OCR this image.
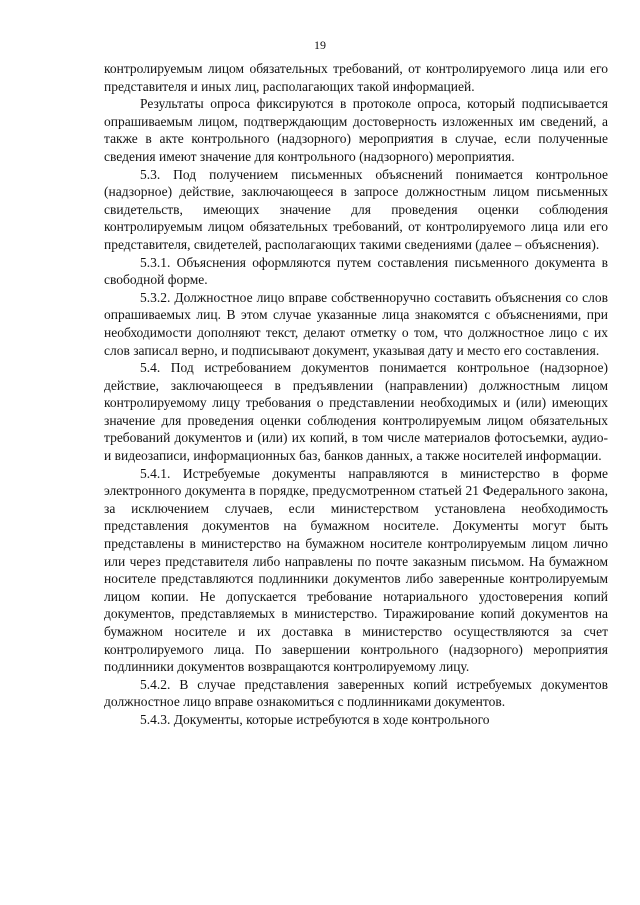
19

контролируемым лицом обязательных требований, от контролируемого лица или его представителя и иных лиц, располагающих такой информацией.

Результаты опроса фиксируются в протоколе опроса, который подписывается опрашиваемым лицом, подтверждающим достоверность изложенных им сведений, а также в акте контрольного (надзорного) мероприятия в случае, если полученные сведения имеют значение для контрольного (надзорного) мероприятия.

5.3. Под получением письменных объяснений понимается контрольное (надзорное) действие, заключающееся в запросе должностным лицом письменных свидетельств, имеющих значение для проведения оценки соблюдения контролируемым лицом обязательных требований, от контролируемого лица или его представителя, свидетелей, располагающих такими сведениями (далее – объяснения).

5.3.1. Объяснения оформляются путем составления письменного документа в свободной форме.

5.3.2. Должностное лицо вправе собственноручно составить объяснения со слов опрашиваемых лиц. В этом случае указанные лица знакомятся с объяснениями, при необходимости дополняют текст, делают отметку о том, что должностное лицо с их слов записал верно, и подписывают документ, указывая дату и место его составления.

5.4. Под истребованием документов понимается контрольное (надзорное) действие, заключающееся в предъявлении (направлении) должностным лицом контролируемому лицу требования о представлении необходимых и (или) имеющих значение для проведения оценки соблюдения контролируемым лицом обязательных требований документов и (или) их копий, в том числе материалов фотосъемки, аудио- и видеозаписи, информационных баз, банков данных, а также носителей информации.

5.4.1. Истребуемые документы направляются в министерство в форме электронного документа в порядке, предусмотренном статьей 21 Федерального закона, за исключением случаев, если министерством установлена необходимость представления документов на бумажном носителе. Документы могут быть представлены в министерство на бумажном носителе контролируемым лицом лично или через представителя либо направлены по почте заказным письмом. На бумажном носителе представляются подлинники документов либо заверенные контролируемым лицом копии. Не допускается требование нотариального удостоверения копий документов, представляемых в министерство. Тиражирование копий документов на бумажном носителе и их доставка в министерство осуществляются за счет контролируемого лица. По завершении контрольного (надзорного) мероприятия подлинники документов возвращаются контролируемому лицу.

5.4.2. В случае представления заверенных копий истребуемых документов должностное лицо вправе ознакомиться с подлинниками документов.

5.4.3. Документы, которые истребуются в ходе контрольного
